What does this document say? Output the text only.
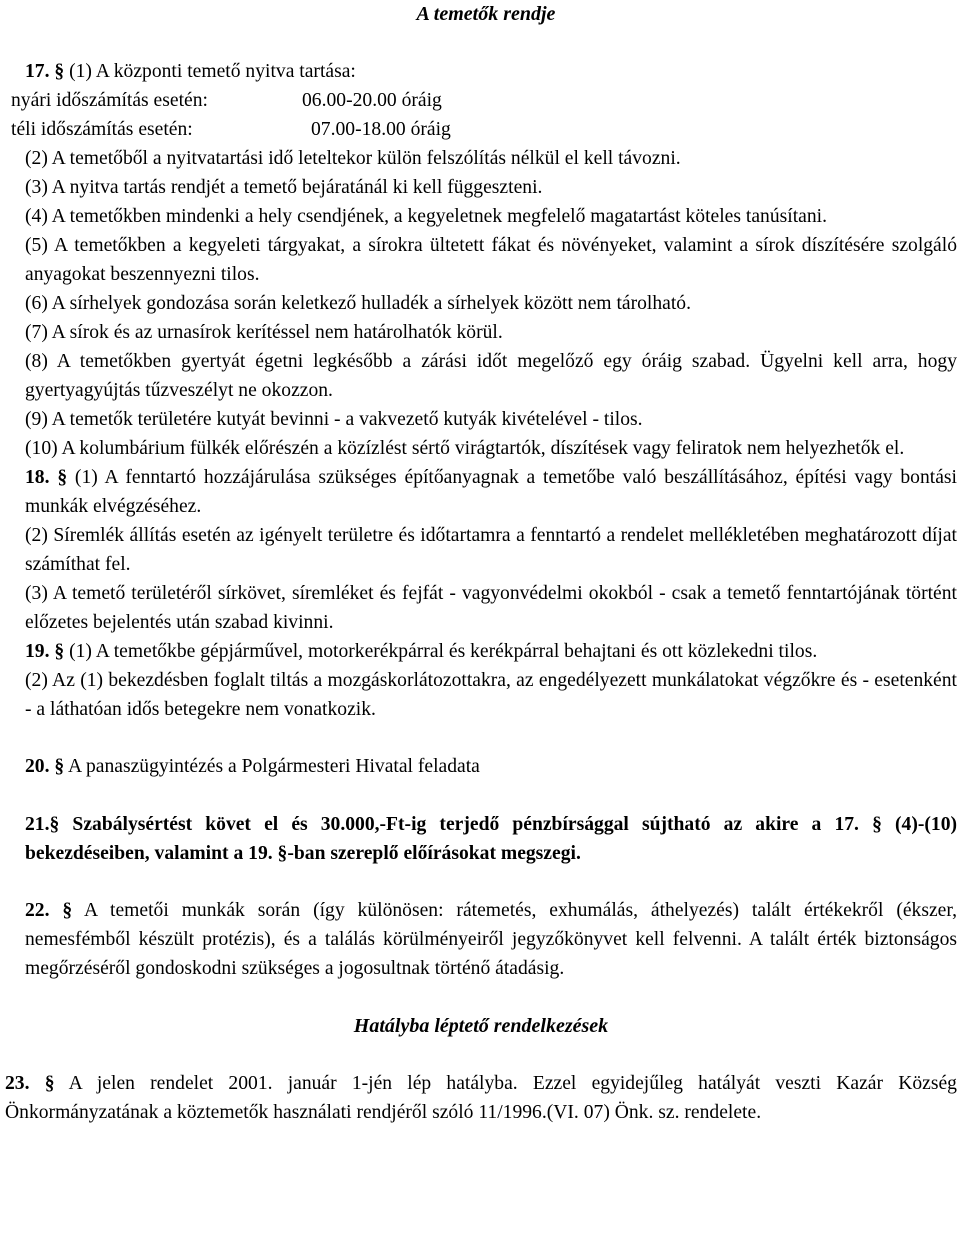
A temetők rendje

17. § (1) A központi temető nyitva tartása:

nyári időszámítás esetén:	06.00-20.00 óráig
téli időszámítás esetén:	07.00-18.00 óráig

(2) A temetőből a nyitvatartási idő leteltekor külön felszólítás nélkül el kell távozni.

(3) A nyitva tartás rendjét a temető bejáratánál ki kell függeszteni.

(4) A temetőkben mindenki a hely csendjének, a kegyeletnek megfelelő magatartást köteles tanúsítani.

(5) A temetőkben a kegyeleti tárgyakat, a sírokra ültetett fákat és növényeket, valamint a sírok díszítésére szolgáló anyagokat beszennyezni tilos.

(6) A sírhelyek gondozása során keletkező hulladék a sírhelyek között nem tárolható.

(7) A sírok és az urnasírok kerítéssel nem határolhatók körül.

(8) A temetőkben gyertyát égetni legkésőbb a zárási időt megelőző egy óráig szabad. Ügyelni kell arra, hogy gyertyagyújtás tűzveszélyt ne okozzon.

(9) A temetők területére kutyát bevinni - a vakvezető kutyák kivételével - tilos.

(10) A kolumbárium fülkék előrészén a közízlést sértő virágtartók, díszítések vagy feliratok nem helyezhetők el.

18. § (1) A fenntartó hozzájárulása szükséges építőanyagnak a temetőbe való beszállításához, építési vagy bontási munkák elvégzéséhez.

(2) Síremlék állítás esetén az igényelt területre és időtartamra a fenntartó a rendelet mellékletében meghatározott díjat számíthat fel.

(3) A temető területéről sírkövet, síremléket és fejfát - vagyonvédelmi okokból - csak a temető fenntartójának történt előzetes bejelentés után szabad kivinni.

19. § (1) A temetőkbe gépjárművel, motorkerékpárral és kerékpárral behajtani és ott közlekedni tilos.

(2) Az (1) bekezdésben foglalt tiltás a mozgáskorlátozottakra, az engedélyezett munkálatokat végzőkre és - esetenként - a láthatóan idős betegekre nem vonatkozik.

20. § A panaszügyintézés a Polgármesteri Hivatal feladata

21.§ Szabálysértést követ el és 30.000,-Ft-ig terjedő pénzbírsággal sújtható az akire a 17. § (4)-(10) bekezdéseiben, valamint a 19. §-ban szereplő előírásokat megszegi.

22. § A temetői munkák során (így különösen: rátemetés, exhumálás, áthelyezés) talált értékekről (ékszer, nemesfémből készült protézis), és a találás körülményeiről jegyzőkönyvet kell felvenni. A talált érték biztonságos megőrzéséről gondoskodni szükséges a jogosultnak történő átadásig.

Hatályba léptető rendelkezések

23. § A jelen rendelet 2001. január 1-jén lép hatályba. Ezzel egyidejűleg hatályát veszti Kazár Község Önkormányzatának a köztemetők használati rendjéről szóló 11/1996.(VI. 07) Önk. sz. rendelete.
